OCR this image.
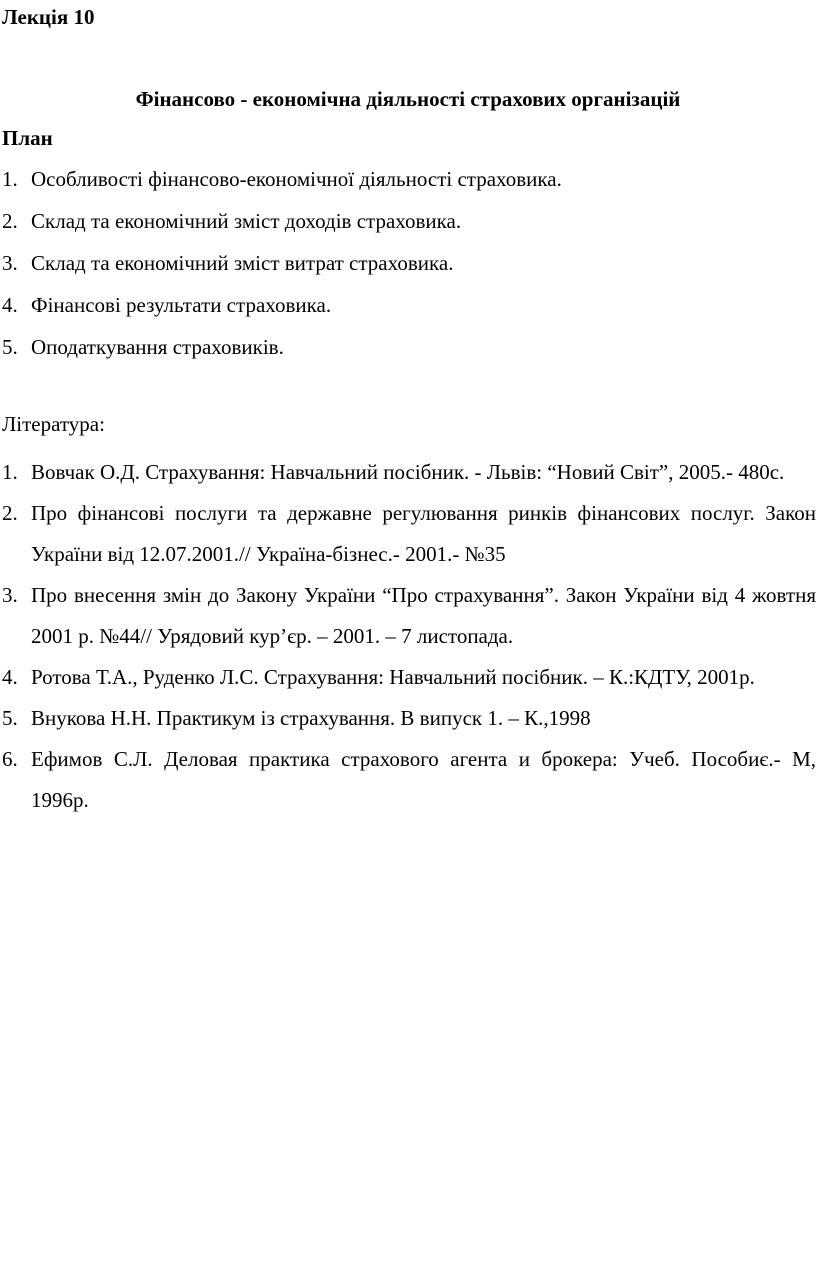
Лекція 10
Фінансово - економічна діяльності страхових організацій
План
1. Особливості фінансово-економічної діяльності страховика.
2. Склад та економічний зміст доходів страховика.
3. Склад та економічний зміст витрат страховика.
4. Фінансові результати страховика.
5. Оподаткування страховиків.
Література:
1. Вовчак О.Д. Страхування: Навчальний посібник. - Львів: “Новий Світ”, 2005.- 480с.
2. Про фінансові послуги та державне регулювання ринків фінансових послуг. Закон України від 12.07.2001.// Україна-бізнес.- 2001.- №35
3. Про внесення змін до Закону України “Про страхування”. Закон України від 4 жовтня 2001 р. №44// Урядовий кур’єр. – 2001. – 7 листопада.
4. Ротова Т.А., Руденко Л.С. Страхування: Навчальний посібник. – К.:КДТУ, 2001р.
5. Внукова Н.Н. Практикум із страхування. В випуск 1. – К.,1998
6. Ефимов С.Л. Деловая практика страхового агента и брокера: Учеб. Пособиє.- М, 1996р.
